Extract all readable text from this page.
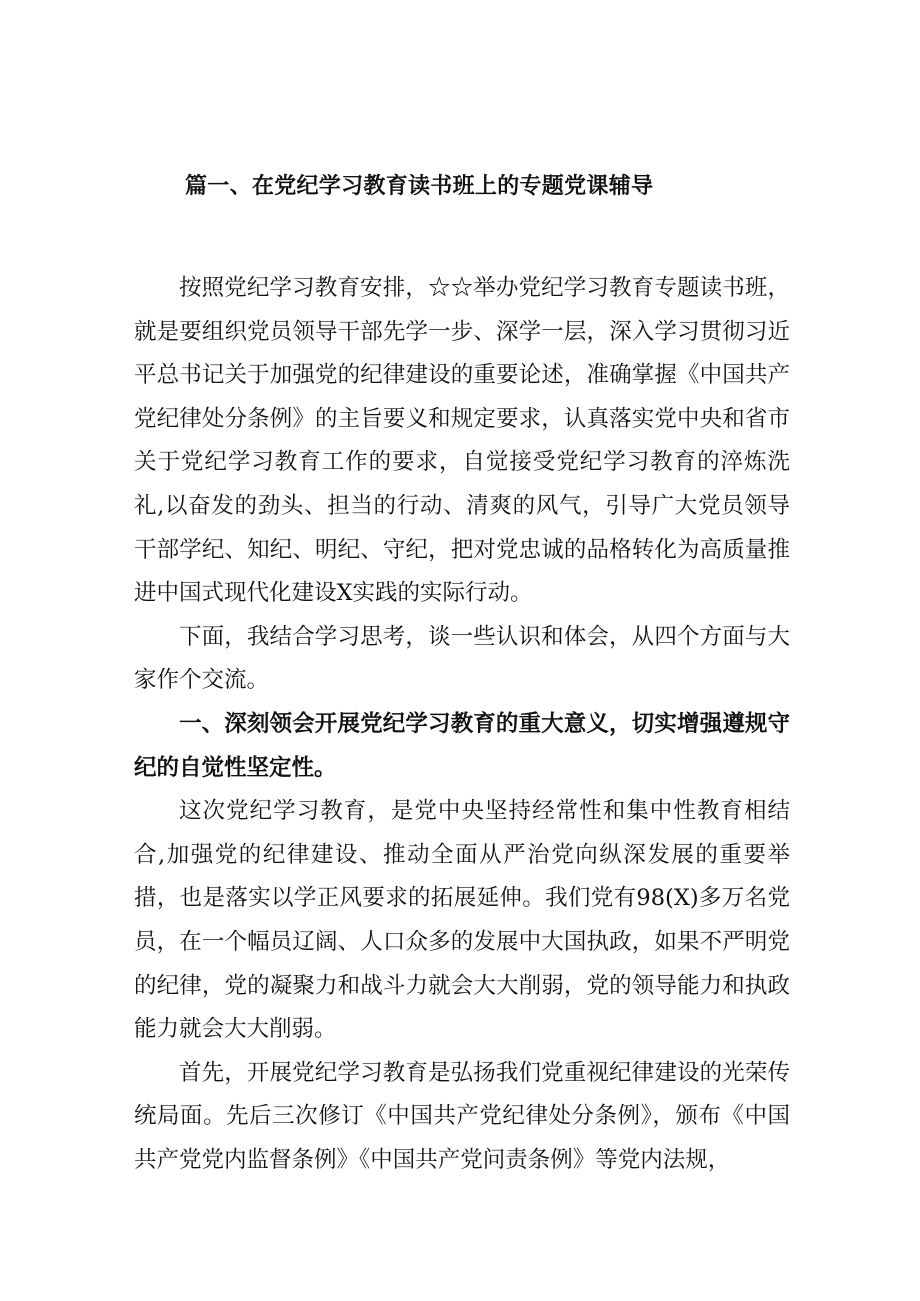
篇一、在党纪学习教育读书班上的专题党课辅导

按照党纪学习教育安排，☆☆举办党纪学习教育专题读书班，就是要组织党员领导干部先学一步、深学一层，深入学习贯彻习近平总书记关于加强党的纪律建设的重要论述，准确掌握《中国共产党纪律处分条例》的主旨要义和规定要求，认真落实党中央和省市关于党纪学习教育工作的要求，自觉接受党纪学习教育的淬炼洗礼,以奋发的劲头、担当的行动、清爽的风气，引导广大党员领导干部学纪、知纪、明纪、守纪，把对党忠诚的品格转化为高质量推进中国式现代化建设X实践的实际行动。

下面，我结合学习思考，谈一些认识和体会，从四个方面与大家作个交流。

一、深刻领会开展党纪学习教育的重大意义，切实增强遵规守纪的自觉性坚定性。

这次党纪学习教育，是党中央坚持经常性和集中性教育相结合,加强党的纪律建设、推动全面从严治党向纵深发展的重要举措，也是落实以学正风要求的拓展延伸。我们党有98(X)多万名党员，在一个幅员辽阔、人口众多的发展中大国执政，如果不严明党的纪律，党的凝聚力和战斗力就会大大削弱，党的领导能力和执政能力就会大大削弱。

首先，开展党纪学习教育是弘扬我们党重视纪律建设的光荣传统局面。先后三次修订《中国共产党纪律处分条例》，颁布《中国共产党党内监督条例》《中国共产党问责条例》等党内法规，
